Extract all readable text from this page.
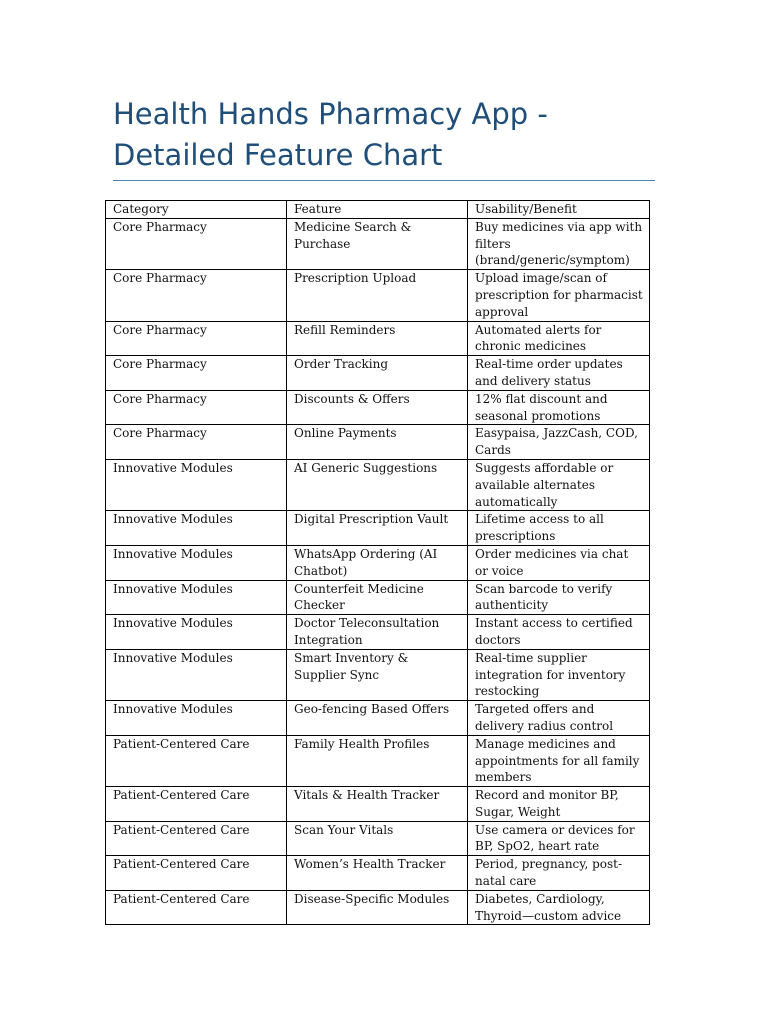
Health Hands Pharmacy App - Detailed Feature Chart
Category	Feature	Usability/Benefit
Core Pharmacy	Medicine Search & Purchase	Buy medicines via app with filters (brand/generic/symptom)
Core Pharmacy	Prescription Upload	Upload image/scan of prescription for pharmacist approval
Core Pharmacy	Refill Reminders	Automated alerts for chronic medicines
Core Pharmacy	Order Tracking	Real-time order updates and delivery status
Core Pharmacy	Discounts & Offers	12% flat discount and seasonal promotions
Core Pharmacy	Online Payments	Easypaisa, JazzCash, COD, Cards
Innovative Modules	AI Generic Suggestions	Suggests affordable or available alternates automatically
Innovative Modules	Digital Prescription Vault	Lifetime access to all prescriptions
Innovative Modules	WhatsApp Ordering (AI Chatbot)	Order medicines via chat or voice
Innovative Modules	Counterfeit Medicine Checker	Scan barcode to verify authenticity
Innovative Modules	Doctor Teleconsultation Integration	Instant access to certified doctors
Innovative Modules	Smart Inventory & Supplier Sync	Real-time supplier integration for inventory restocking
Innovative Modules	Geo-fencing Based Offers	Targeted offers and delivery radius control
Patient-Centered Care	Family Health Profiles	Manage medicines and appointments for all family members
Patient-Centered Care	Vitals & Health Tracker	Record and monitor BP, Sugar, Weight
Patient-Centered Care	Scan Your Vitals	Use camera or devices for BP, SpO2, heart rate
Patient-Centered Care	Women’s Health Tracker	Period, pregnancy, post-natal care
Patient-Centered Care	Disease-Specific Modules	Diabetes, Cardiology, Thyroid—custom advice
